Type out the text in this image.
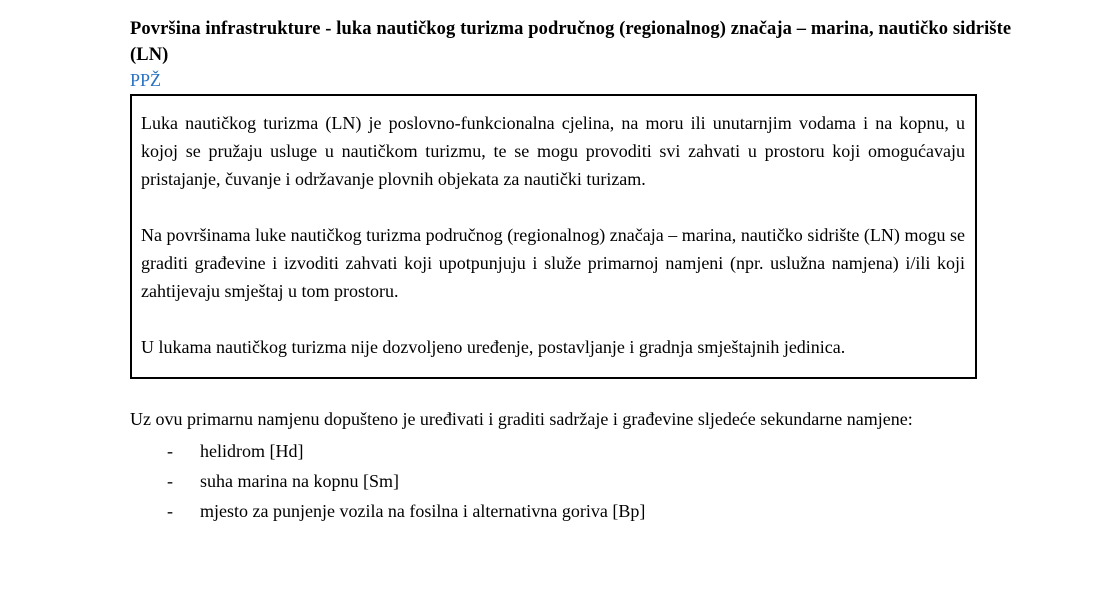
Površina infrastrukture - luka nautičkog turizma područnog (regionalnog) značaja – marina, nautičko sidrište (LN)
PPŽ

Luka nautičkog turizma (LN) je poslovno-funkcionalna cjelina, na moru ili unutarnjim vodama i na kopnu, u kojoj se pružaju usluge u nautičkom turizmu, te se mogu provoditi svi zahvati u prostoru koji omogućavaju pristajanje, čuvanje i održavanje plovnih objekata za nautički turizam.

Na površinama luke nautičkog turizma područnog (regionalnog) značaja – marina, nautičko sidrište (LN) mogu se graditi građevine i izvoditi zahvati koji upotpunjuju i služe primarnoj namjeni (npr. uslužna namjena) i/ili koji zahtijevaju smještaj u tom prostoru.

U lukama nautičkog turizma nije dozvoljeno uređenje, postavljanje i gradnja smještajnih jedinica.

Uz ovu primarnu namjenu dopušteno je uređivati i graditi sadržaje i građevine sljedeće sekundarne namjene:

-	helidrom [Hd]
-	suha marina na kopnu [Sm]
-	mjesto za punjenje vozila na fosilna i alternativna goriva [Bp]
